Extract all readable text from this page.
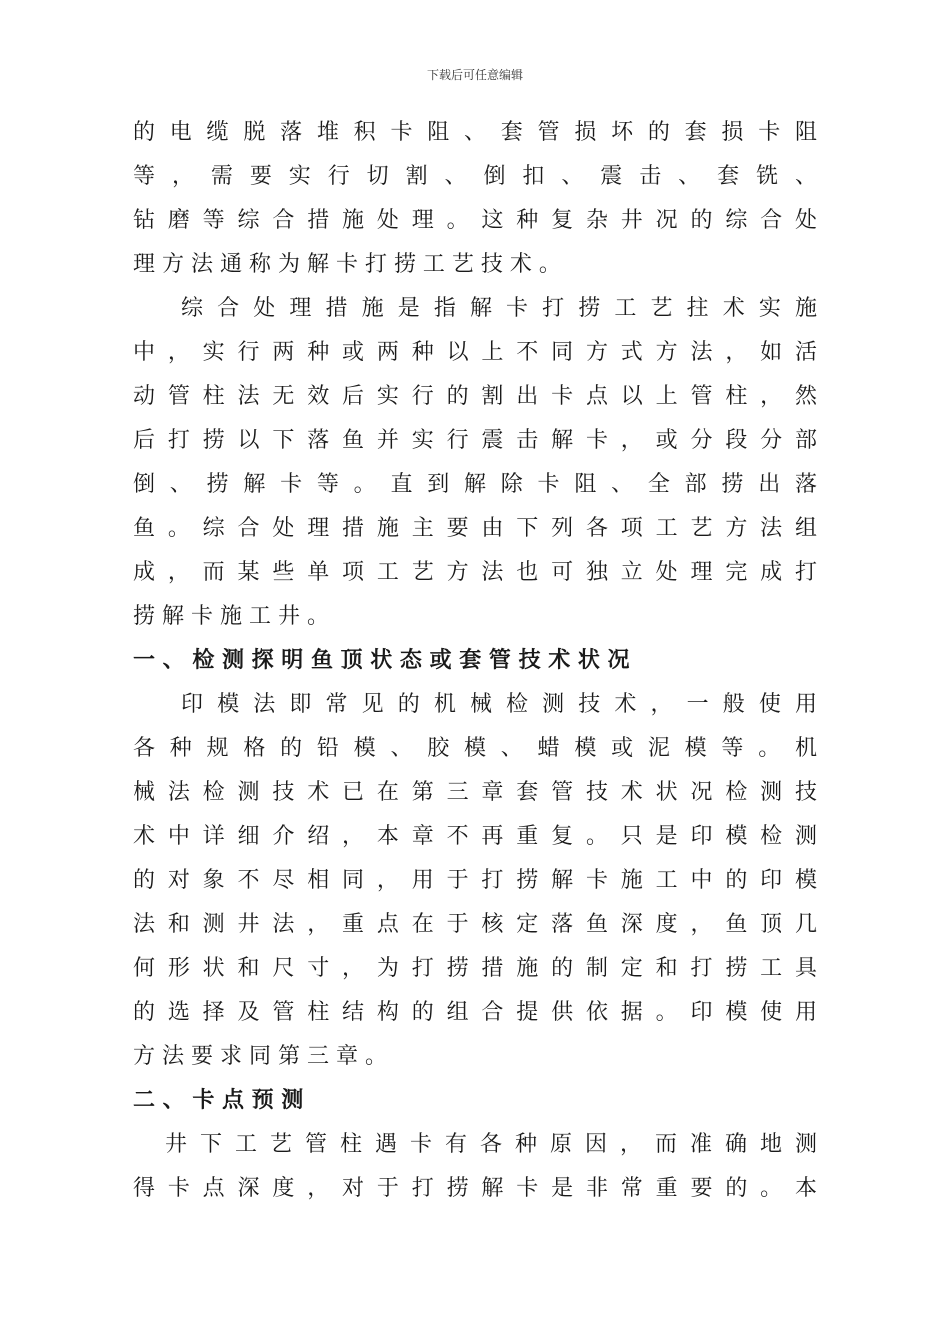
下载后可任意编辑
的 电 缆 脱 落 堆 积 卡 阻 、 套 管 损 坏 的 套 损 卡 阻
等 ， 需 要 实 行 切 割 、 倒 扣 、 震 击 、 套 铣 、
钻 磨 等 综 合 措 施 处 理 。 这 种 复 杂 井 况 的 综 合 处
理 方 法 通 称 为 解 卡 打 捞 工 艺 技 术 。
综 合 处 理 措 施 是 指 解 卡 打 捞 工 艺 拄 术 实 施
中 ， 实 行 两 种 或 两 种 以 上 不 同 方 式 方 法 ， 如 活
动 管 柱 法 无 效 后 实 行 的 割 出 卡 点 以 上 管 柱 ， 然
后 打 捞 以 下 落 鱼 并 实 行 震 击 解 卡 ， 或 分 段 分 部
倒 、 捞 解 卡 等 。 直 到 解 除 卡 阻 、 全 部 捞 出 落
鱼 。 综 合 处 理 措 施 主 要 由 下 列 各 项 工 艺 方 法 组
成 ， 而 某 些 单 项 工 艺 方 法 也 可 独 立 处 理 完 成 打
捞 解 卡 施 工 井 。
一 、 检 测 探 明 鱼 顶 状 态 或 套 管 技 术 状 况
印 模 法 即 常 见 的 机 械 检 测 技 术 ， 一 般 使 用
各 种 规 格 的 铅 模 、 胶 模 、 蜡 模 或 泥 模 等 。 机
械 法 检 测 技 术 已 在 第 三 章 套 管 技 术 状 况 检 测 技
术 中 详 细 介 绍 ， 本 章 不 再 重 复 。 只 是 印 模 检 测
的 对 象 不 尽 相 同 ， 用 于 打 捞 解 卡 施 工 中 的 印 模
法 和 测 井 法 ， 重 点 在 于 核 定 落 鱼 深 度 ， 鱼 顶 几
何 形 状 和 尺 寸 ， 为 打 捞 措 施 的 制 定 和 打 捞 工 具
的 选 择 及 管 柱 结 构 的 组 合 提 供 依 据 。 印 模 使 用
方 法 要 求 同 第 三 章 。
二 、 卡 点 预 测
井 下 工 艺 管 柱 遇 卡 有 各 种 原 因 ， 而 准 确 地 测
得 卡 点 深 度 ， 对 于 打 捞 解 卡 是 非 常 重 要 的 。 本
